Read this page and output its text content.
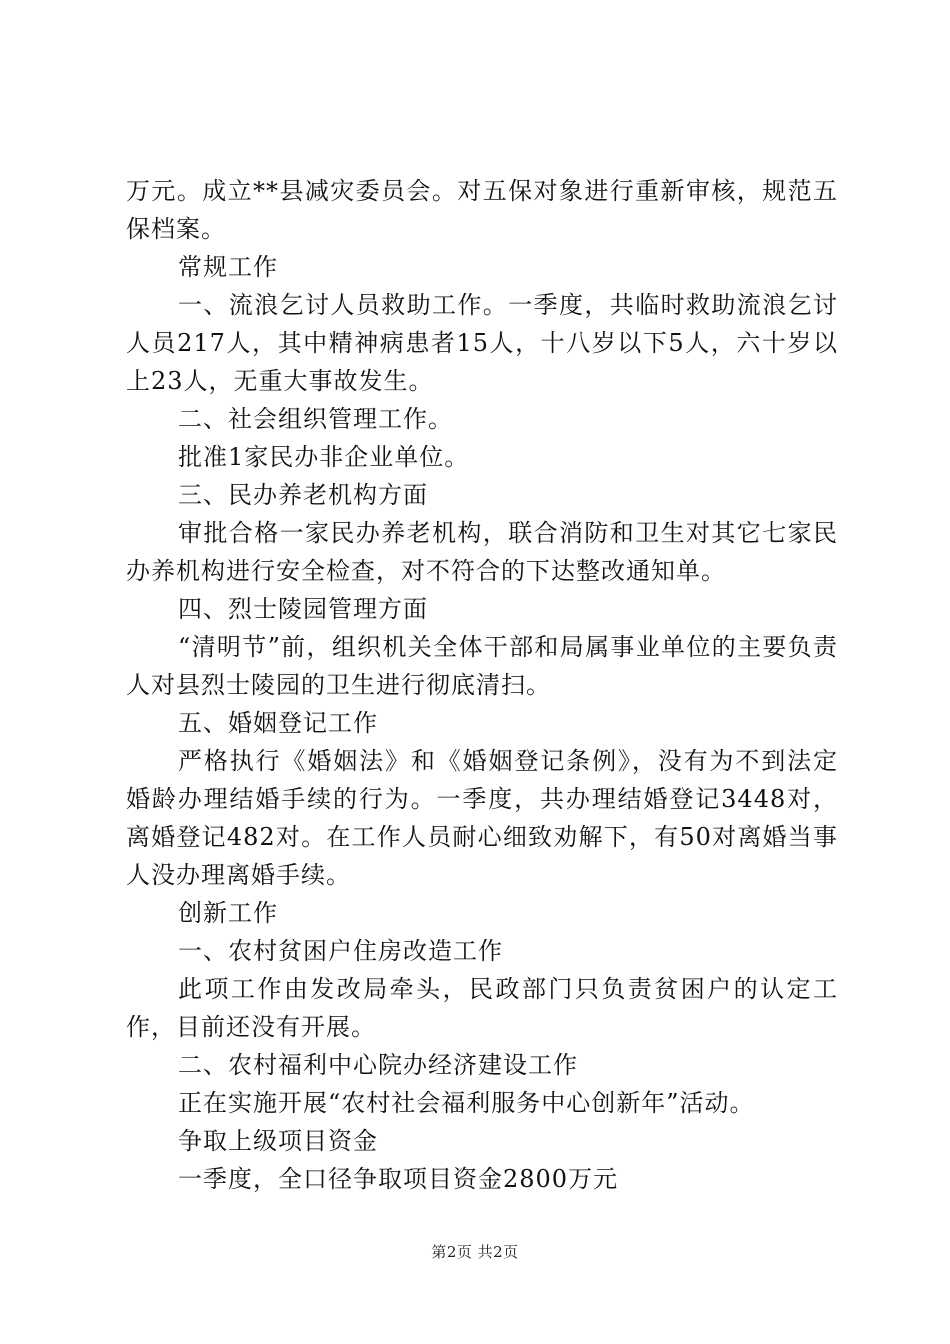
万元。成立**县减灾委员会。对五保对象进行重新审核，规范五保档案。

常规工作

一、流浪乞讨人员救助工作。一季度，共临时救助流浪乞讨人员217人，其中精神病患者15人，十八岁以下5人，六十岁以上23人，无重大事故发生。

二、社会组织管理工作。

批准1家民办非企业单位。

三、民办养老机构方面

审批合格一家民办养老机构，联合消防和卫生对其它七家民办养机构进行安全检查，对不符合的下达整改通知单。

四、烈士陵园管理方面

“清明节”前，组织机关全体干部和局属事业单位的主要负责人对县烈士陵园的卫生进行彻底清扫。

五、婚姻登记工作

严格执行《婚姻法》和《婚姻登记条例》，没有为不到法定婚龄办理结婚手续的行为。一季度，共办理结婚登记3448对，离婚登记482对。在工作人员耐心细致劝解下，有50对离婚当事人没办理离婚手续。

创新工作

一、农村贫困户住房改造工作

此项工作由发改局牵头，民政部门只负责贫困户的认定工作，目前还没有开展。

二、农村福利中心院办经济建设工作

正在实施开展“农村社会福利服务中心创新年”活动。

争取上级项目资金

一季度，全口径争取项目资金2800万元

第2页 共2页
